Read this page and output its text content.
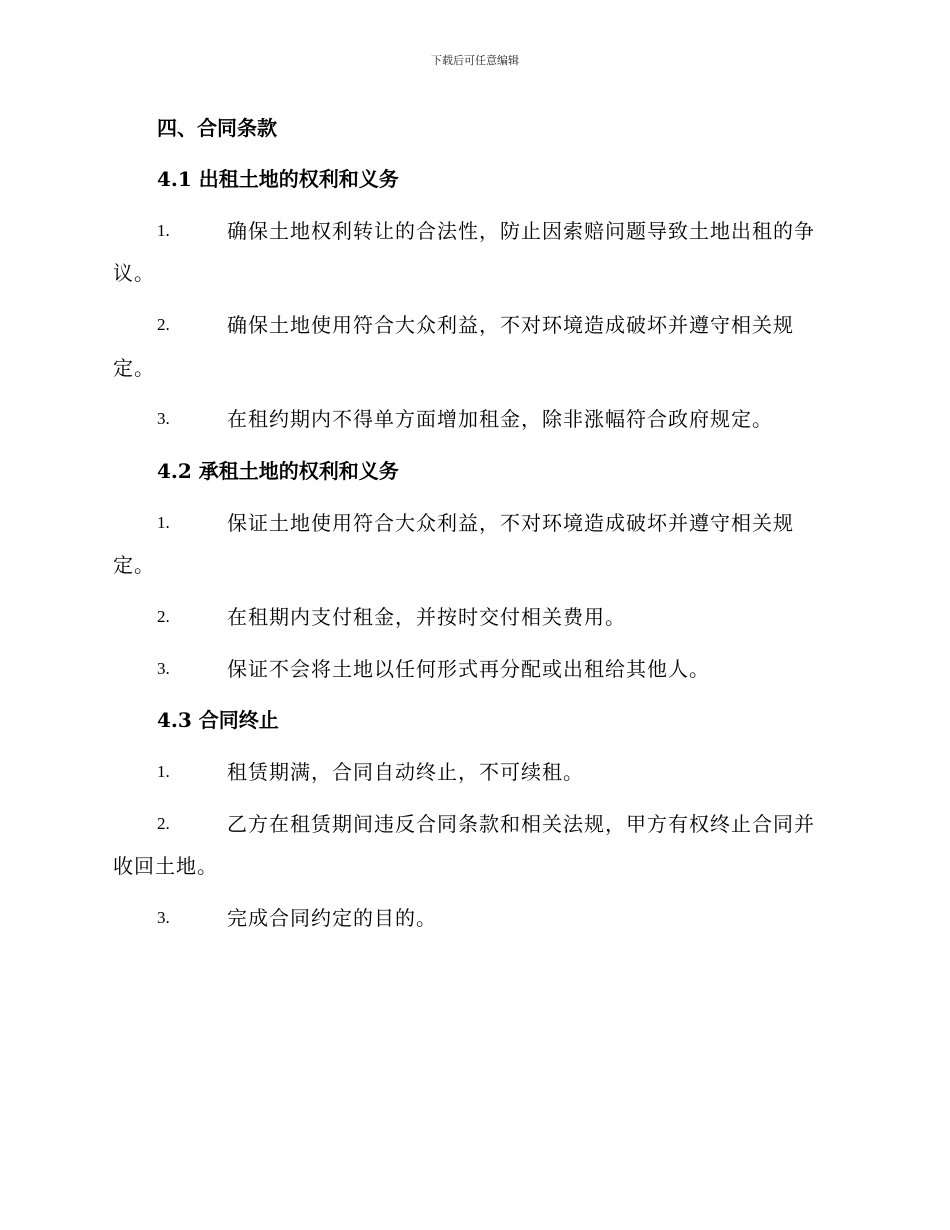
下载后可任意编辑
四、合同条款
4.1 出租土地的权利和义务
1.	确保土地权利转让的合法性，防止因索赔问题导致土地出租的争
议。
2.	确保土地使用符合大众利益，不对环境造成破坏并遵守相关规
定。
3.	在租约期内不得单方面增加租金，除非涨幅符合政府规定。
4.2 承租土地的权利和义务
1.	保证土地使用符合大众利益，不对环境造成破坏并遵守相关规
定。
2.	在租期内支付租金，并按时交付相关费用。
3.	保证不会将土地以任何形式再分配或出租给其他人。
4.3 合同终止
1.	租赁期满，合同自动终止，不可续租。
2.	乙方在租赁期间违反合同条款和相关法规，甲方有权终止合同并
收回土地。
3.	完成合同约定的目的。
